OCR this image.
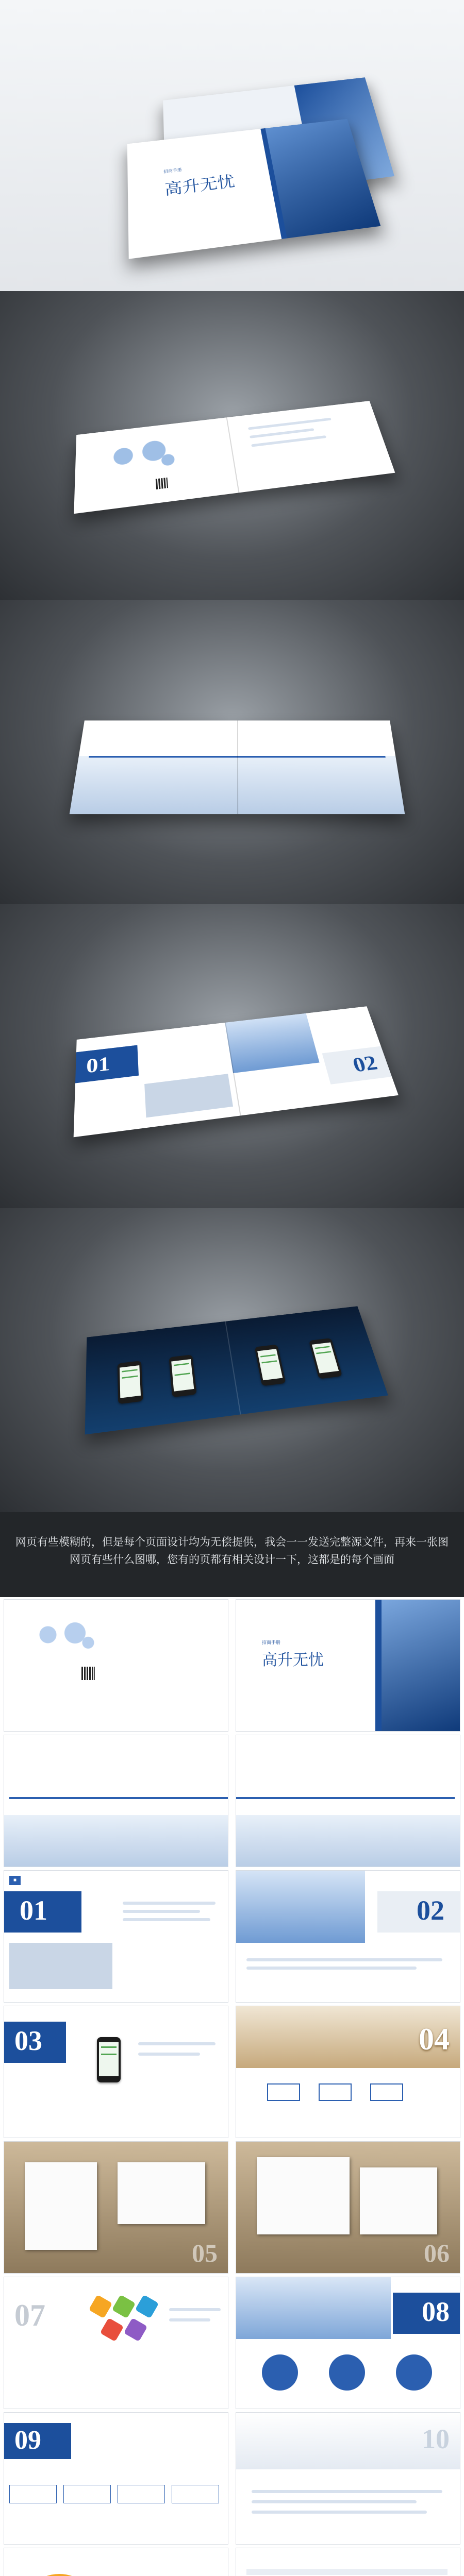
招商手册
高升无忧
01	02

网页有些模糊的，但是每个页面设计均为无偿提供，我会一一发送完整源文件，再来一张图

网页有些什么图哪，您有的页都有相关设计一下，这都是的每个画面

招商手册
高升无忧
■
01	02
03	04
05	06
07	08
09	10
